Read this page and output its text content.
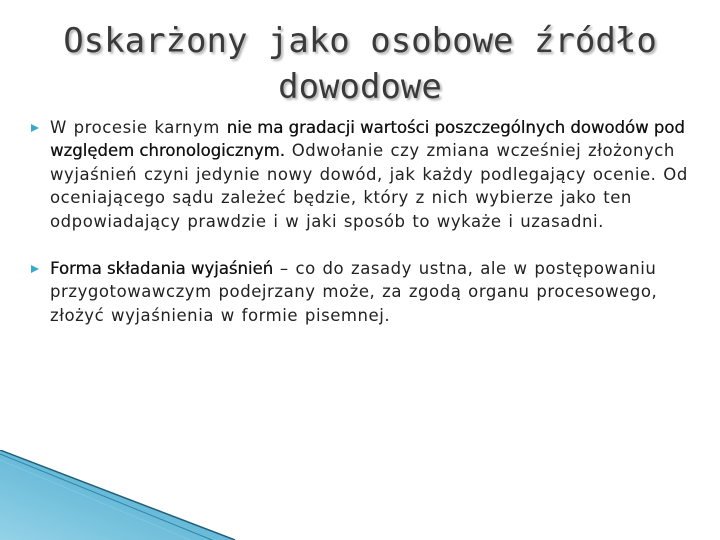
Oskarżony jako osobowe źródło dowodowe

W procesie karnym nie ma gradacji wartości poszczególnych dowodów pod względem chronologicznym. Odwołanie czy zmiana wcześniej złożonych wyjaśnień czyni jedynie nowy dowód, jak każdy podlegający ocenie. Od oceniającego sądu zależeć będzie, który z nich wybierze jako ten odpowiadający prawdzie i w jaki sposób to wykaże i uzasadni.

Forma składania wyjaśnień – co do zasady ustna, ale w postępowaniu przygotowawczym podejrzany może, za zgodą organu procesowego, złożyć wyjaśnienia w formie pisemnej.
